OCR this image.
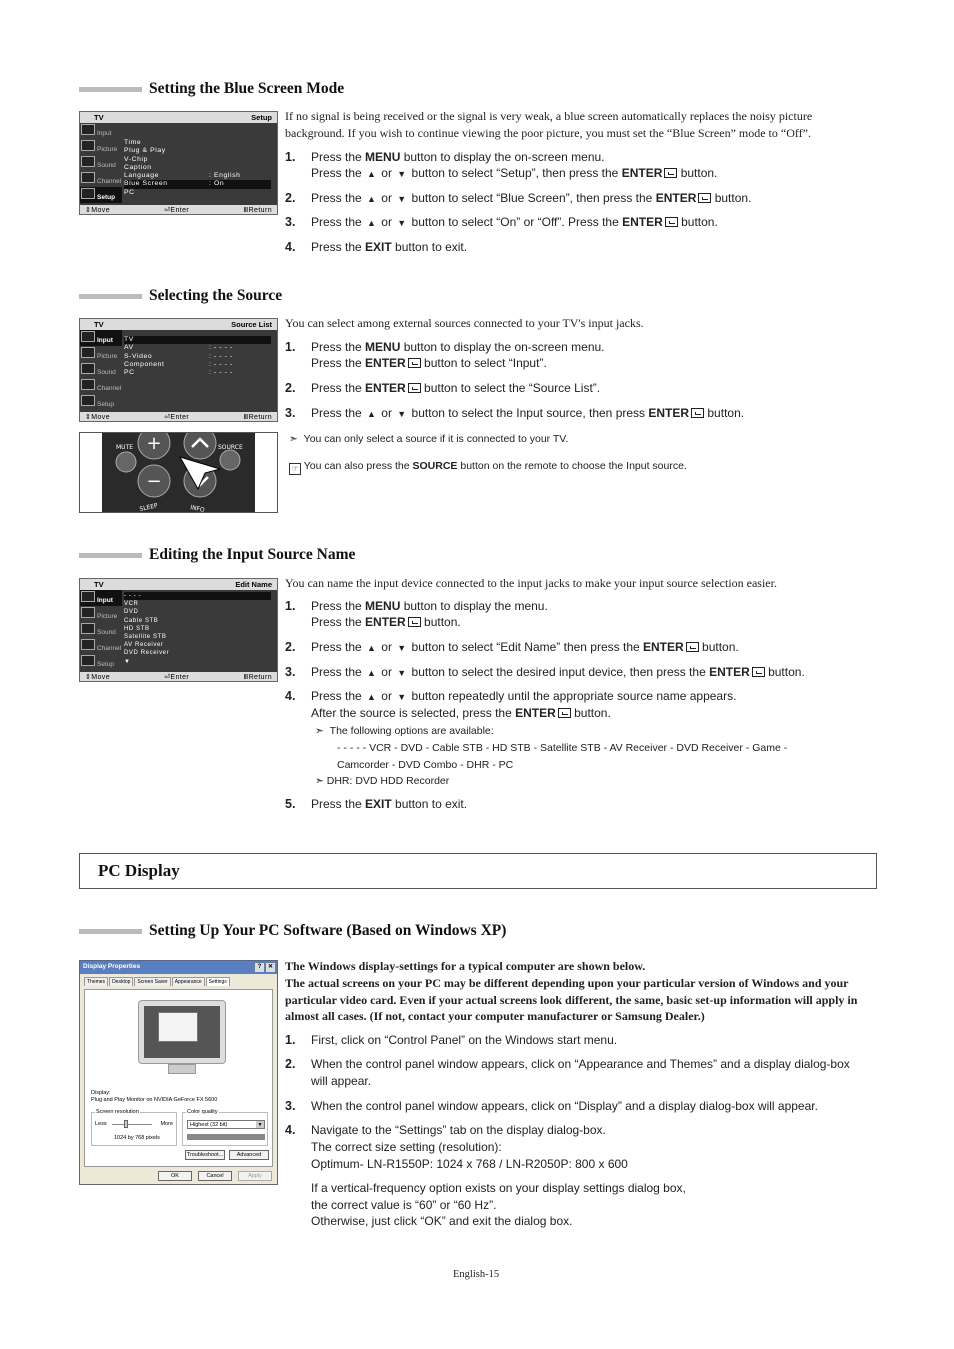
Setting the Blue Screen Mode
TV	Setup
Input
Picture
Sound
Channel
Setup
Time
Plug & Play
V-Chip
Caption
Language	: English
Blue Screen	: On
PC
⇕Move	⏎Enter	ⅢReturn
If no signal is being received or the signal is very weak, a blue screen automatically replaces the noisy picture background. If you wish to continue viewing the poor picture, you must set the “Blue Screen” mode to “Off”.
1. Press the MENU button to display the on-screen menu.
Press the ▲ or ▼ button to select “Setup”, then press the ENTER button.
2. Press the ▲ or ▼ button to select “Blue Screen”, then press the ENTER button.
3. Press the ▲ or ▼ button to select “On” or “Off”. Press the ENTER button.
4. Press the EXIT button to exit.
Selecting the Source
TV	Source List
Input
Picture
Sound
Channel
Setup
TV
AV	: - - - -
S-Video	: - - - -
Component	: - - - -
PC	: - - - -
⇕Move	⏎Enter	ⅢReturn
+
−
MUTE	SOURCE
SLEEP	INFO
You can select among external sources connected to your TV's input jacks.
1. Press the MENU button to display the on-screen menu.
Press the ENTER button to select “Input”.
2. Press the ENTER button to select the “Source List”.
3. Press the ▲ or ▼ button to select the Input source, then press ENTER button.
➣ You can only select a source if it is connected to your TV.
☞ You can also press the SOURCE button on the remote to choose the Input source.
Editing the Input Source Name
TV	Edit Name
Input
Picture
Sound
Channel
Setup
- - - -
VCR
DVD
Cable STB
HD STB
Satellite STB
AV Receiver
DVD Receiver
▼
⇕Move	⏎Enter	ⅢReturn
You can name the input device connected to the input jacks to make your input source selection easier.
1. Press the MENU button to display the menu.
Press the ENTER button.
2. Press the ▲ or ▼ button to select “Edit Name” then press the ENTER button.
3. Press the ▲ or ▼ button to select the desired input device, then press the ENTER button.
4. Press the ▲ or ▼ button repeatedly until the appropriate source name appears.
After the source is selected, press the ENTER button.
➣ The following options are available:
- - - - - VCR - DVD - Cable STB - HD STB - Satellite STB - AV Receiver - DVD Receiver - Game -
Camcorder - DVD Combo - DHR - PC
➣ DHR: DVD HDD Recorder
5. Press the EXIT button to exit.
PC Display
Setting Up Your PC Software (Based on Windows XP)
Display Properties	?	✕
Themes	Desktop	Screen Saver	Appearance	Settings
Display:
Plug and Play Monitor on NVIDIA GeForce FX 5600
Screen resolution
Less	More
1024 by 768 pixels
Color quality
Highest (32 bit)	▼
Troubleshoot...	Advanced
OK	Cancel	Apply
The Windows display-settings for a typical computer are shown below.
The actual screens on your PC may be different depending upon your particular version of Windows and your particular video card. Even if your actual screens look different, the same, basic set-up information will apply in almost all cases. (If not, contact your computer manufacturer or Samsung Dealer.)
1. First, click on “Control Panel” on the Windows start menu.
2. When the control panel window appears, click on “Appearance and Themes” and a display dialog-box will appear.
3. When the control panel window appears, click on “Display” and a display dialog-box will appear.
4. Navigate to the “Settings” tab on the display dialog-box.
The correct size setting (resolution):
Optimum- LN-R1550P: 1024 x 768 / LN-R2050P: 800 x 600
If a vertical-frequency option exists on your display settings dialog box,
the correct value is “60” or “60 Hz”.
Otherwise, just click “OK” and exit the dialog box.
English-15
